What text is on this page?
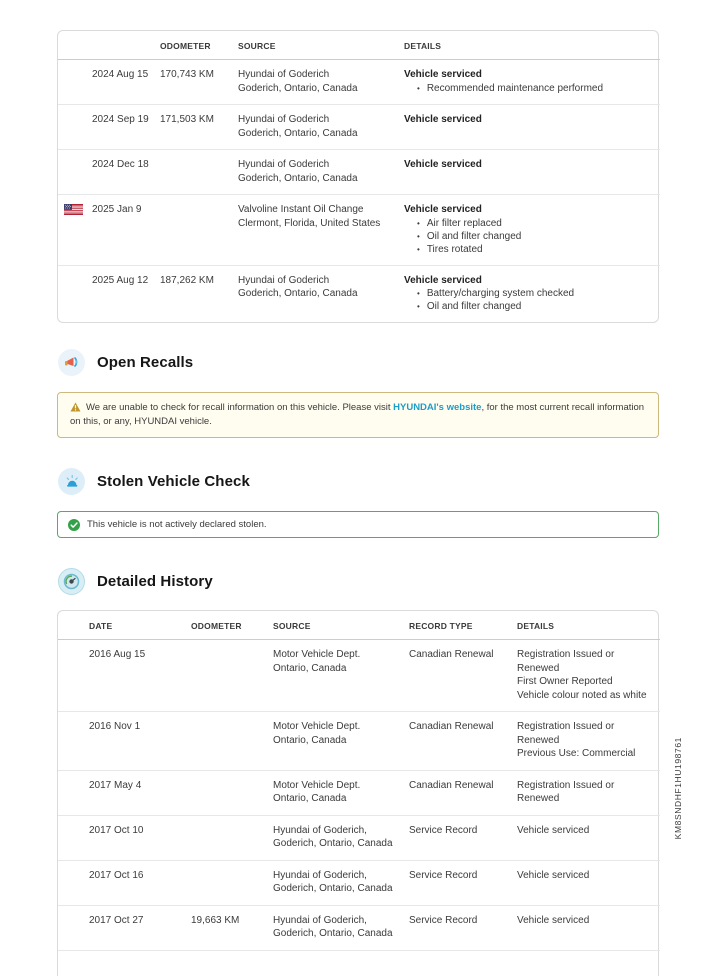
	ODOMETER	SOURCE	DETAILS

2024 Aug 15	170,743 KM	Hyundai of Goderich
Goderich, Ontario, Canada

Vehicle serviced
• Recommended maintenance performed

2024 Sep 19	171,503 KM	Hyundai of Goderich
Goderich, Ontario, Canada	Vehicle serviced

2024 Dec 18		Hyundai of Goderich
Goderich, Ontario, Canada	Vehicle serviced

2025 Jan 9		Valvoline Instant Oil Change
Clermont, Florida, United States

Vehicle serviced
• Air filter replaced
• Oil and filter changed
• Tires rotated

2025 Aug 12	187,262 KM	Hyundai of Goderich
Goderich, Ontario, Canada

Vehicle serviced
• Battery/charging system checked
• Oil and filter changed
Open Recalls
We are unable to check for recall information on this vehicle. Please visit HYUNDAI's website, for the most current recall information on this, or any, HYUNDAI vehicle.
Stolen Vehicle Check
This vehicle is not actively declared stolen.
Detailed History
DATE	ODOMETER	SOURCE	RECORD TYPE	DETAILS
2016 Aug 15		Motor Vehicle Dept.
Ontario, Canada
	Canadian Renewal	Registration Issued or Renewed
First Owner Reported
Vehicle colour noted as white

2016 Nov 1		Motor Vehicle Dept.
Ontario, Canada
	Canadian Renewal	Registration Issued or Renewed
Previous Use: Commercial

2017 May 4		Motor Vehicle Dept.
Ontario, Canada	Canadian Renewal	Registration Issued or Renewed

2017 Oct 10		Hyundai of Goderich,
Goderich, Ontario, Canada	Service Record	Vehicle serviced

2017 Oct 16		Hyundai of Goderich,
Goderich, Ontario, Canada	Service Record	Vehicle serviced

2017 Oct 27	19,663 KM	Hyundai of Goderich,
Goderich, Ontario, Canada	Service Record	Vehicle serviced

KM8SNDHF1HU198761
